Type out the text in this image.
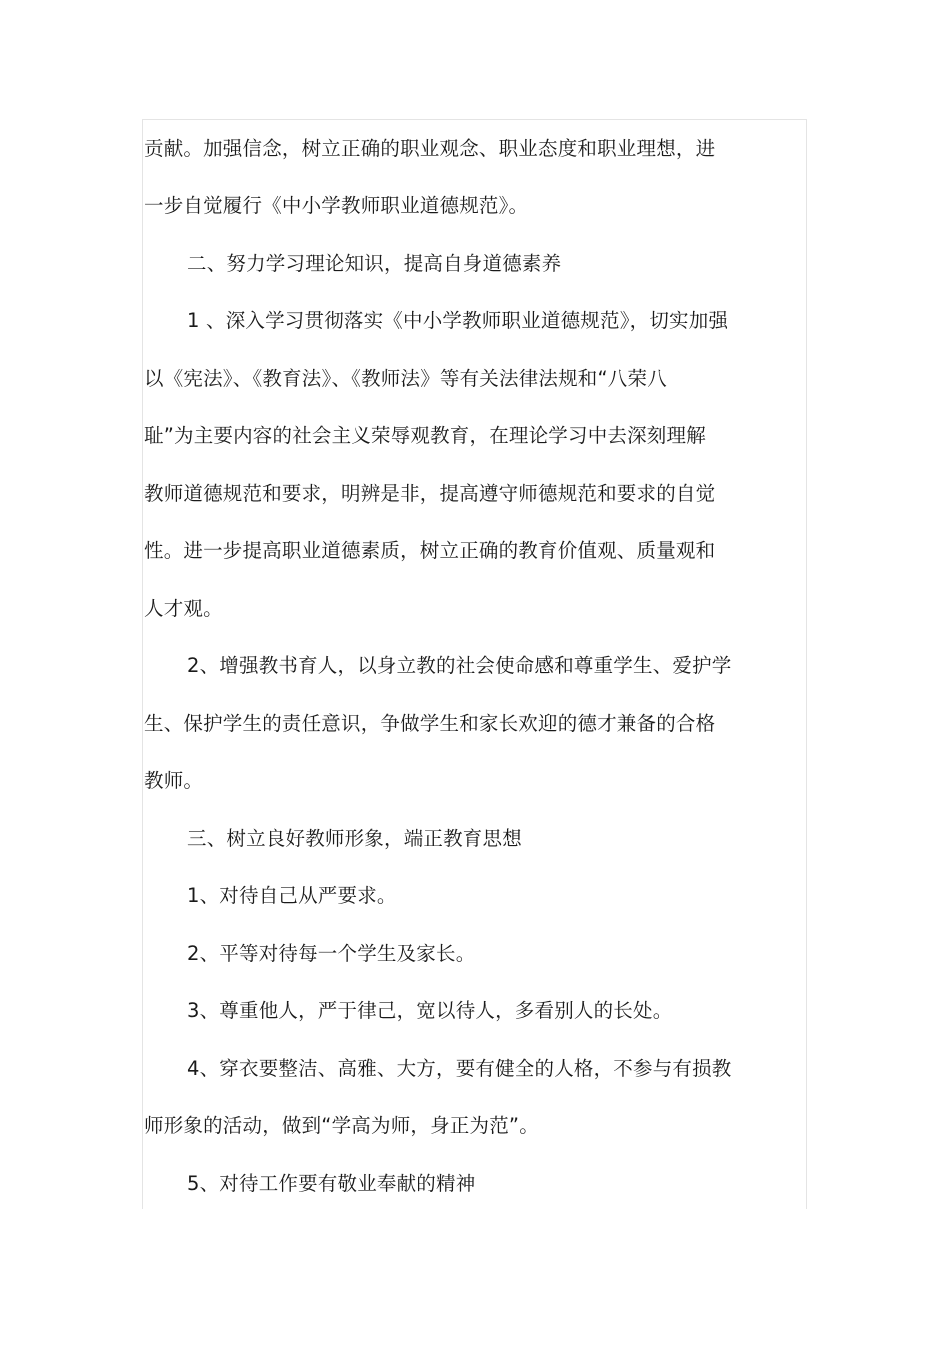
贡献。加强信念，树立正确的职业观念、职业态度和职业理想，进
一步自觉履行《中小学教师职业道德规范》。
二、努力学习理论知识，提高自身道德素养
1 、深入学习贯彻落实《中小学教师职业道德规范》，切实加强
以《宪法》、《教育法》、《教师法》等有关法律法规和“八荣八
耻”为主要内容的社会主义荣辱观教育，在理论学习中去深刻理解
教师道德规范和要求，明辨是非，提高遵守师德规范和要求的自觉
性。进一步提高职业道德素质，树立正确的教育价值观、质量观和
人才观。
2、增强教书育人，以身立教的社会使命感和尊重学生、爱护学
生、保护学生的责任意识，争做学生和家长欢迎的德才兼备的合格
教师。
三、树立良好教师形象，端正教育思想
1、对待自己从严要求。
2、平等对待每一个学生及家长。
3、尊重他人，严于律己，宽以待人，多看别人的长处。
4、穿衣要整洁、高雅、大方，要有健全的人格，不参与有损教
师形象的活动，做到“学高为师，身正为范”。
5、对待工作要有敬业奉献的精神
